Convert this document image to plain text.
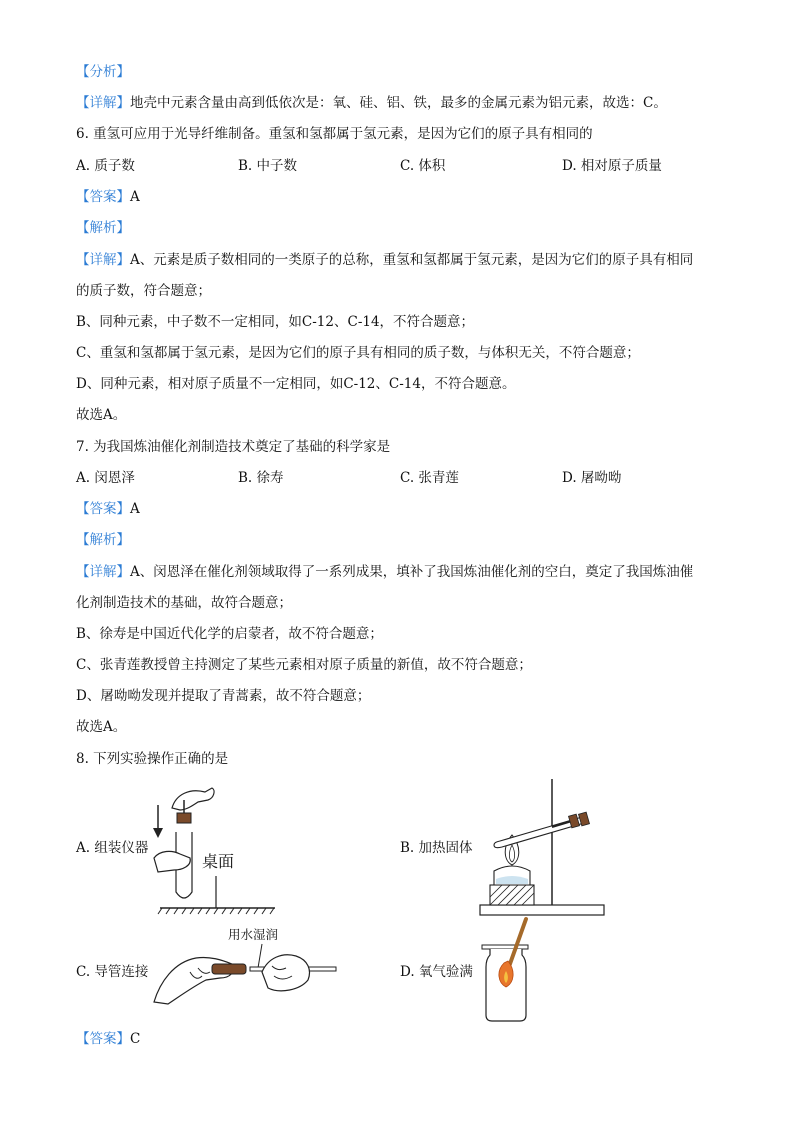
【分析】
【详解】地壳中元素含量由高到低依次是：氧、硅、铝、铁，最多的金属元素为铝元素，故选：C。
6. 重氢可应用于光导纤维制备。重氢和氢都属于氢元素，是因为它们的原子具有相同的
A. 质子数	B. 中子数	C. 体积	D. 相对原子质量
【答案】A
【解析】
【详解】A、元素是质子数相同的一类原子的总称，重氢和氢都属于氢元素，是因为它们的原子具有相同
的质子数，符合题意；
B、同种元素，中子数不一定相同，如C-12、C-14，不符合题意；
C、重氢和氢都属于氢元素，是因为它们的原子具有相同的质子数，与体积无关，不符合题意；
D、同种元素，相对原子质量不一定相同，如C-12、C-14，不符合题意。
故选A。
7. 为我国炼油催化剂制造技术奠定了基础的科学家是
A. 闵恩泽	B. 徐寿	C. 张青莲	D. 屠呦呦
【答案】A
【解析】
【详解】A、闵恩泽在催化剂领域取得了一系列成果，填补了我国炼油催化剂的空白，奠定了我国炼油催
化剂制造技术的基础，故符合题意；
B、徐寿是中国近代化学的启蒙者，故不符合题意；
C、张青莲教授曾主持测定了某些元素相对原子质量的新值，故不符合题意；
D、屠呦呦发现并提取了青蒿素，故不符合题意；
故选A。
8. 下列实验操作正确的是
A. 组装仪器
桌面
B. 加热固体
C. 导管连接
用水湿润
D. 氧气验满
【答案】C
